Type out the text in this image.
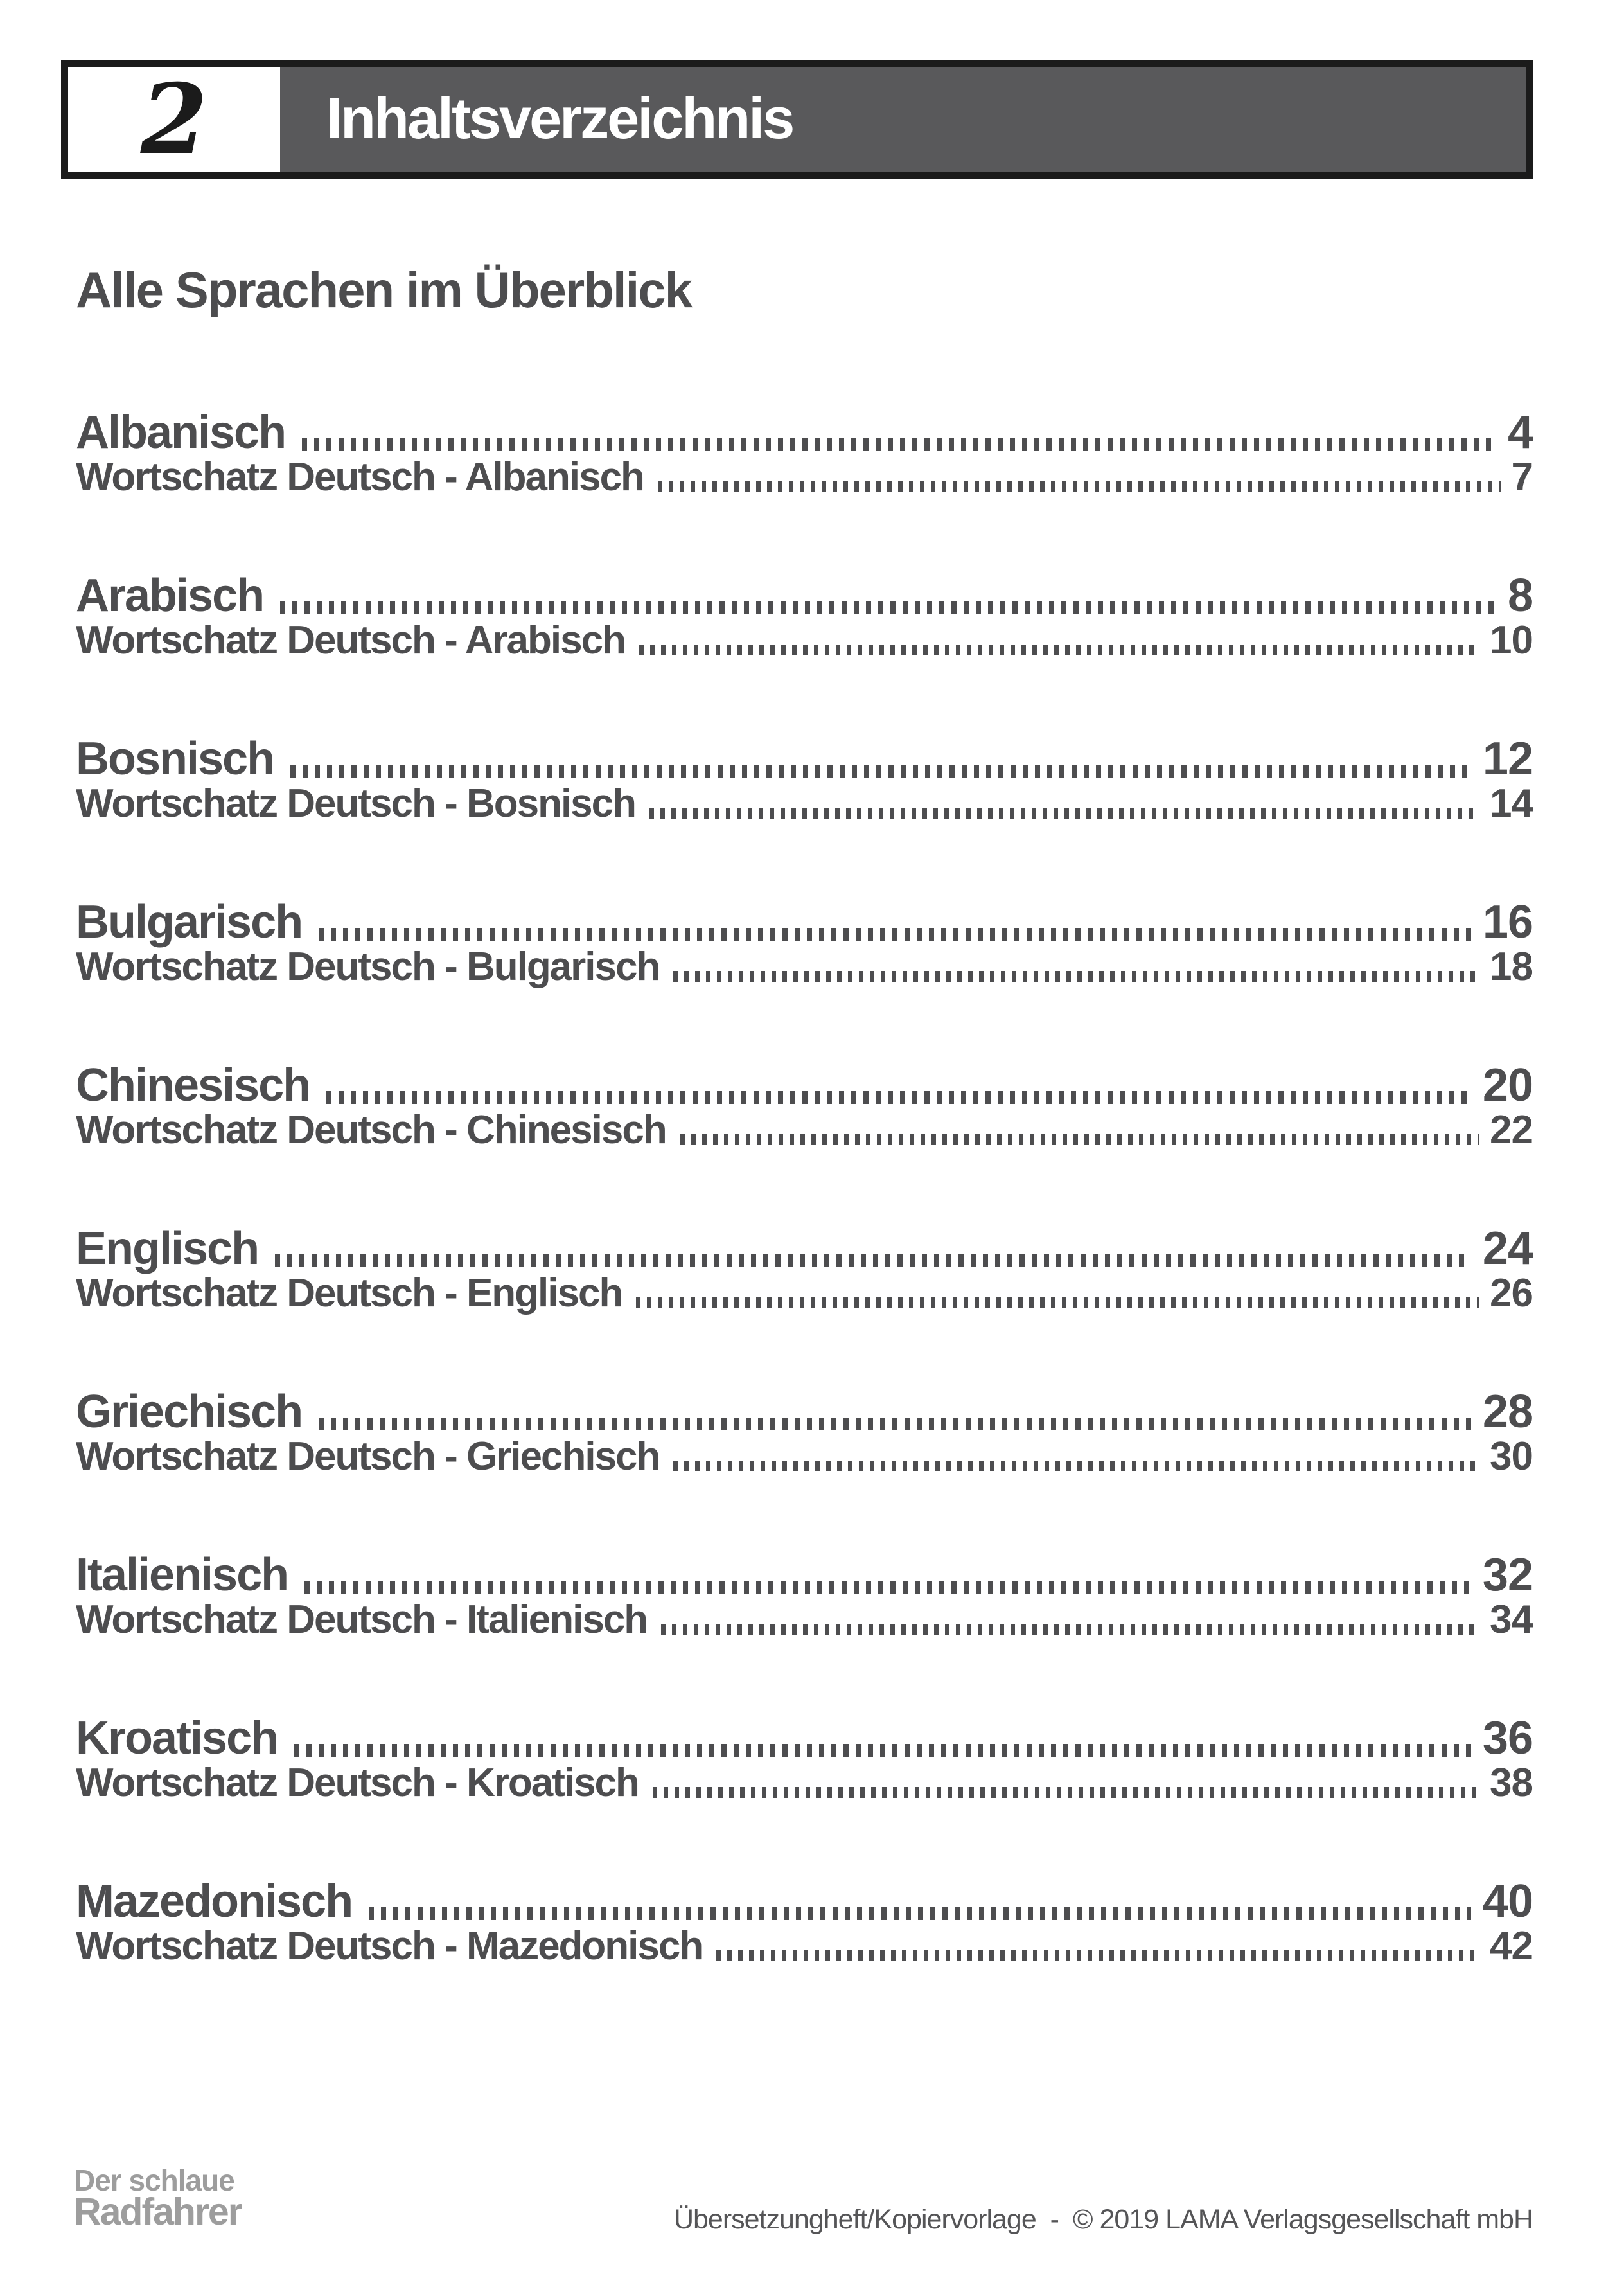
2 Inhaltsverzeichnis
Alle Sprachen im Überblick
Albanisch	4
Wortschatz Deutsch - Albanisch	7
Arabisch	8
Wortschatz Deutsch - Arabisch	10
Bosnisch	12
Wortschatz Deutsch - Bosnisch	14
Bulgarisch	16
Wortschatz Deutsch - Bulgarisch	18
Chinesisch	20
Wortschatz Deutsch - Chinesisch	22
Englisch	24
Wortschatz Deutsch - Englisch	26
Griechisch	28
Wortschatz Deutsch - Griechisch	30
Italienisch	32
Wortschatz Deutsch - Italienisch	34
Kroatisch	36
Wortschatz Deutsch - Kroatisch	38
Mazedonisch	40
Wortschatz Deutsch - Mazedonisch	42
Der schlaue
Radfahrer	Übersetzungheft/Kopiervorlage  -  © 2019 LAMA Verlagsgesellschaft mbH
